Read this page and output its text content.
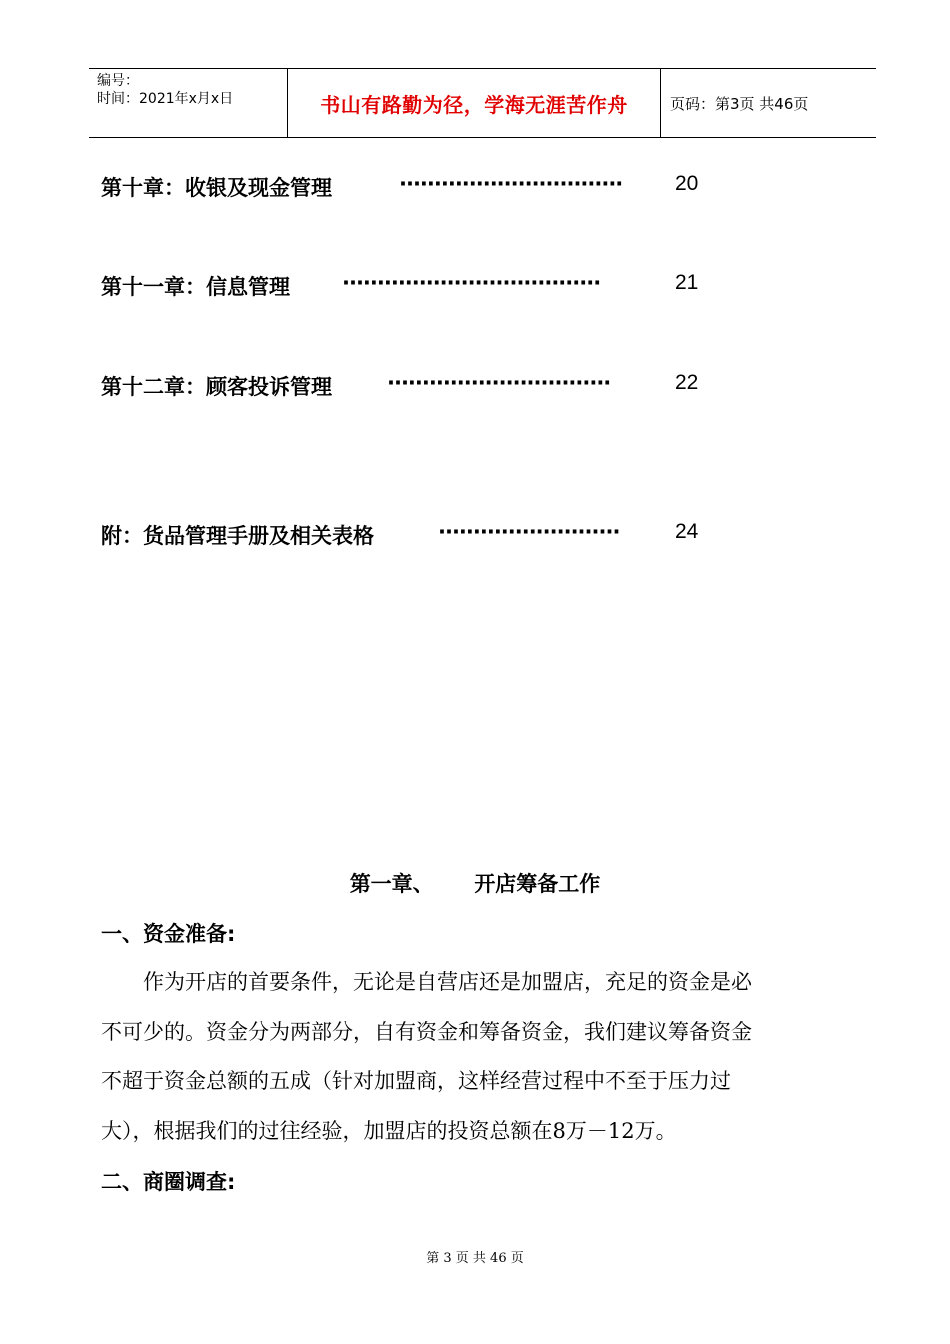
编号：
时间：2021年x月x日	书山有路勤为径，学海无涯苦作舟	页码：第3页 共46页
第十章：收银及现金管理	································	20
第十一章：信息管理 ·····································	21
第十二章：顾客投诉管理	································	22
附：货品管理手册及相关表格	··························	24
第一章、 开店筹备工作
一、资金准备:
　　作为开店的首要条件，无论是自营店还是加盟店，充足的资金是必
不可少的。资金分为两部分，自有资金和筹备资金，我们建议筹备资金
不超于资金总额的五成（针对加盟商，这样经营过程中不至于压力过
大），根据我们的过往经验，加盟店的投资总额在8万－12万。
二、商圈调查:
第 3 页 共 46 页
